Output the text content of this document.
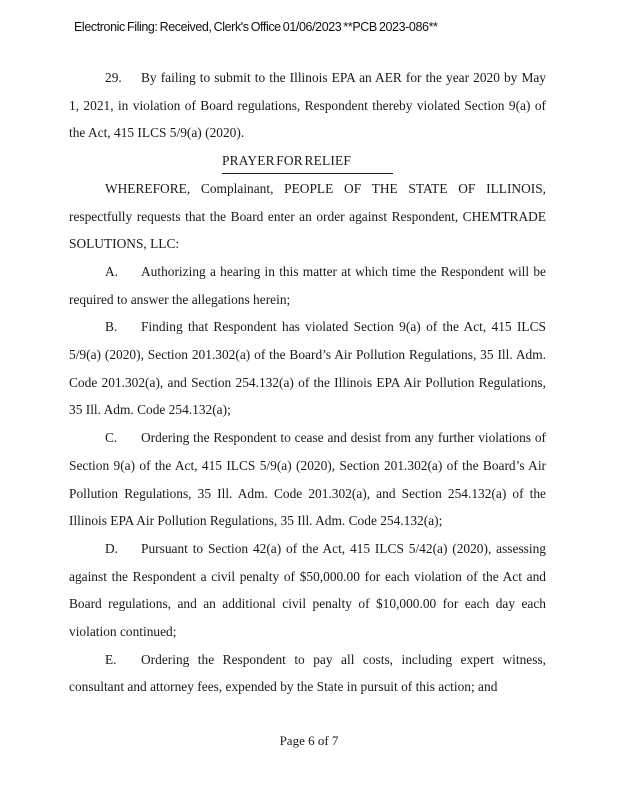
Electronic Filing: Received, Clerk's Office 01/06/2023 **PCB 2023-086**

29. By failing to submit to the Illinois EPA an AER for the year 2020 by May 1, 2021, in violation of Board regulations, Respondent thereby violated Section 9(a) of the Act, 415 ILCS 5/9(a) (2020).

PRAYER FOR RELIEF

WHEREFORE, Complainant, PEOPLE OF THE STATE OF ILLINOIS, respectfully requests that the Board enter an order against Respondent, CHEMTRADE SOLUTIONS, LLC:

A. Authorizing a hearing in this matter at which time the Respondent will be required to answer the allegations herein;

B. Finding that Respondent has violated Section 9(a) of the Act, 415 ILCS 5/9(a) (2020), Section 201.302(a) of the Board’s Air Pollution Regulations, 35 Ill. Adm. Code 201.302(a), and Section 254.132(a) of the Illinois EPA Air Pollution Regulations, 35 Ill. Adm. Code 254.132(a);

C. Ordering the Respondent to cease and desist from any further violations of Section 9(a) of the Act, 415 ILCS 5/9(a) (2020), Section 201.302(a) of the Board’s Air Pollution Regulations, 35 Ill. Adm. Code 201.302(a), and Section 254.132(a) of the Illinois EPA Air Pollution Regulations, 35 Ill. Adm. Code 254.132(a);

D. Pursuant to Section 42(a) of the Act, 415 ILCS 5/42(a) (2020), assessing against the Respondent a civil penalty of $50,000.00 for each violation of the Act and Board regulations, and an additional civil penalty of $10,000.00 for each day each violation continued;

E. Ordering the Respondent to pay all costs, including expert witness, consultant and attorney fees, expended by the State in pursuit of this action; and

Page 6 of 7
